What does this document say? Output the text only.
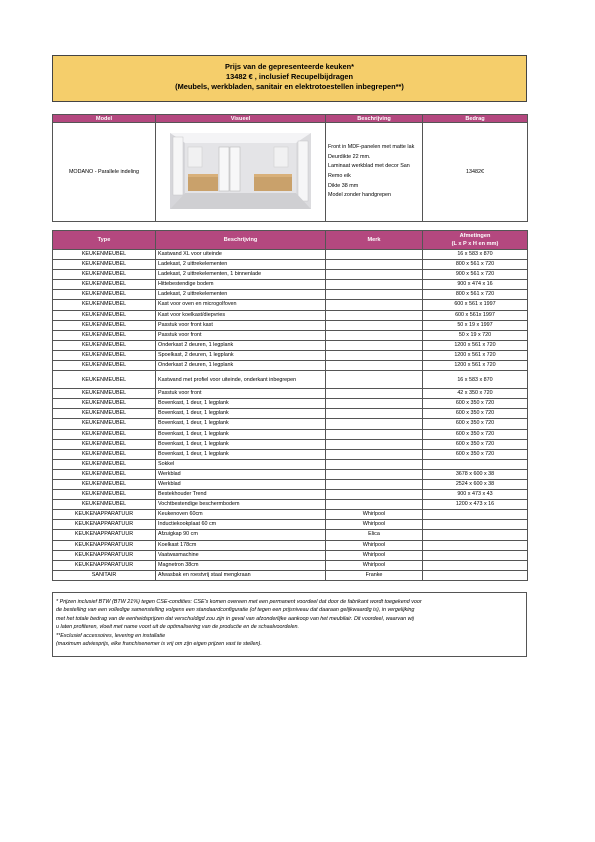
Prijs van de gepresenteerde keuken*
13482 € , inclusief Recupelbijdragen
(Meubels, werkbladen, sanitair en elektrotoestellen inbegrepen**)
Model	Visueel	Beschrijving	Bedrag
MODANO - Parallele indeling		Front in MDF-panelen met matte lak
Deurdikte 22 mm.
Laminaat werkblad met decor San Remo eik
Dikte 38 mm
Model zonder handgrepen	13482€
Type	Beschrijving	Merk	Afmetingen
(L x P x H en mm)

KEUKENMEUBEL	Kastwand XL voor uiteinde		16 x 583 x 870
KEUKENMEUBEL	Ladekast, 2 uittrekelementen		800 x 561 x 720
KEUKENMEUBEL	Ladekast, 2 uittrekelementen, 1 binnenlade		900 x 561 x 720
KEUKENMEUBEL	Hittebestendige bodem		900 x 474 x 16
KEUKENMEUBEL	Ladekast, 2 uittrekelementen		800 x 561 x 720
KEUKENMEUBEL	Kast voor oven en microgolfoven		600 x 561 x 1997
KEUKENMEUBEL	Kast voor koelkast/diepvries		600 x 561x 1997
KEUKENMEUBEL	Passtuk voor front kast		50 x 19 x 1997
KEUKENMEUBEL	Passtuk voor front		50 x 19 x 720
KEUKENMEUBEL	Onderkast 2 deuren, 1 legplank		1200 x 561 x 720
KEUKENMEUBEL	Spoelkast, 2 deuren, 1 legplank		1200 x 561 x 720
KEUKENMEUBEL	Onderkast 2 deuren, 1 legplank		1200 x 561 x 720
KEUKENMEUBEL	Kastwand met profiel voor uiteinde, onderkant inbegrepen		16 x 583 x 870
KEUKENMEUBEL	Passtuk voor front		42 x 350 x 720
KEUKENMEUBEL	Bovenkast, 1 deur, 1 legplank		600 x 350 x 720
KEUKENMEUBEL	Bovenkast, 1 deur, 1 legplank		600 x 350 x 720
KEUKENMEUBEL	Bovenkast, 1 deur, 1 legplank		600 x 350 x 720
KEUKENMEUBEL	Bovenkast, 1 deur, 1 legplank		600 x 350 x 720
KEUKENMEUBEL	Bovenkast, 1 deur, 1 legplank		600 x 350 x 720
KEUKENMEUBEL	Bovenkast, 1 deur, 1 legplank		600 x 350 x 720
KEUKENMEUBEL	Sokkel		
KEUKENMEUBEL	Werkblad		3678 x 600 x 38
KEUKENMEUBEL	Werkblad		2524 x 600 x 38
KEUKENMEUBEL	Bestekhouder Trend		900 x 473 x 43
KEUKENMEUBEL	Vochtbestendige beschermbodem		1200 x 473 x 16
KEUKENAPPARATUUR	Keukenoven 60cm	Whirlpool	
KEUKENAPPARATUUR	Inductiekookplaat 60 cm	Whirlpool	
KEUKENAPPARATUUR	Afzuigkap 90 cm	Elica	
KEUKENAPPARATUUR	Koelkast 178cm	Whirlpool	
KEUKENAPPARATUUR	Vaatwasmachine	Whirlpool	
KEUKENAPPARATUUR	Magnetron 38cm	Whirlpool	
SANITAIR	Afwasbak en roestvrij staal mengkraan	Franke	

* Prijzen inclusief BTW (BTW 21%) tegen CSE-condities: CSE's komen overeen met een permanent voordeel dat door de fabrikant wordt toegekend voor

de bestelling van een volledige samenstelling volgens een standaardconfiguratie (of tegen een prijsniveau dat daaraan gelijkwaardig is), in vergelijking

met het totale bedrag van de eenheidsprijzen dat verschuldigd zou zijn in geval van afzonderlijke aankoop van het meubilair. Dit voordeel, waarvan wij

u laten profiteren, vloeit met name voort uit de optimalisering van de productie en de schaalvoordelen.

**Exclusief accessoires, levering en installatie

(maximum adviesprijs, elke franchisenemer is vrij om zijn eigen prijzen vast te stellen).
